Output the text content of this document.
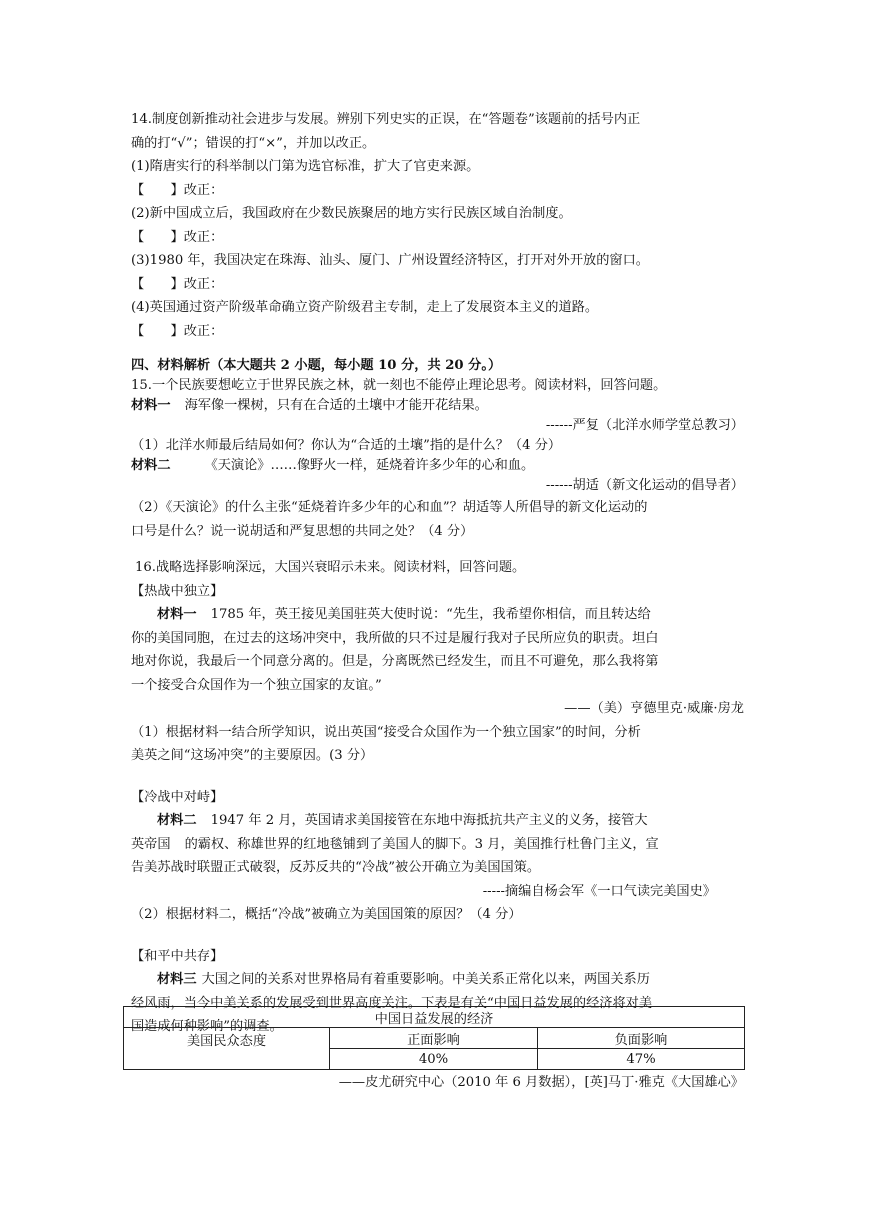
14.制度创新推动社会进步与发展。辨别下列史实的正误，在“答题卷”该题前的括号内正
确的打“√”；错误的打“×”，并加以改正。
(1)隋唐实行的科举制以门第为选官标准，扩大了官吏来源。
【　　】改正：
(2)新中国成立后，我国政府在少数民族聚居的地方实行民族区域自治制度。
【　　】改正：
(3)1980 年，我国决定在珠海、汕头、厦门、广州设置经济特区，打开对外开放的窗口。
【　　】改正：
(4)英国通过资产阶级革命确立资产阶级君主专制，走上了发展资本主义的道路。
【　　】改正：
四、材料解析（本大题共 2 小题，每小题 10 分，共 20 分。）
15.一个民族要想屹立于世界民族之林，就一刻也不能停止理论思考。阅读材料，回答问题。
材料一 海军像一棵树，只有在合适的土壤中才能开花结果。
------严复（北洋水师学堂总教习）
（1）北洋水师最后结局如何？你认为“合适的土壤”指的是什么？（4 分）
材料二	《天演论》……像野火一样，延烧着许多少年的心和血。
------胡适（新文化运动的倡导者）
（2）《天演论》的什么主张“延烧着许多少年的心和血”？胡适等人所倡导的新文化运动的
口号是什么？说一说胡适和严复思想的共同之处？（4 分）
16.战略选择影响深远，大国兴衰昭示未来。阅读材料，回答问题。
【热战中独立】
材料一 1785 年，英王接见美国驻英大使时说：“先生，我希望你相信，而且转达给
你的美国同胞，在过去的这场冲突中，我所做的只不过是履行我对子民所应负的职责。坦白
地对你说，我最后一个同意分离的。但是，分离既然已经发生，而且不可避免，那么我将第
一个接受合众国作为一个独立国家的友谊。”
——（美）亨德里克·威廉·房龙
（1）根据材料一结合所学知识，说出英国“接受合众国作为一个独立国家”的时间，分析
美英之间“这场冲突”的主要原因。(3 分）
【冷战中对峙】
材料二 1947 年 2 月，英国请求美国接管在东地中海抵抗共产主义的义务，接管大
英帝国 的霸权、称雄世界的红地毯铺到了美国人的脚下。3 月，美国推行杜鲁门主义，宣
告美苏战时联盟正式破裂，反苏反共的“冷战”被公开确立为美国国策。
-----摘编自杨会军《一口气读完美国史》
（2）根据材料二，概括“冷战”被确立为美国国策的原因？（4 分）
【和平中共存】
材料三 大国之间的关系对世界格局有着重要影响。中美关系正常化以来，两国关系历
经风雨，当今中美关系的发展受到世界高度关注。下表是有关“中国日益发展的经济将对美
国造成何种影响”的调查。	中国日益发展的经济		
美国民众态度	正面影响	负面影响
	40%	47%
——皮尤研究中心（2010 年 6 月数据），[英]马丁·雅克《大国雄心》
